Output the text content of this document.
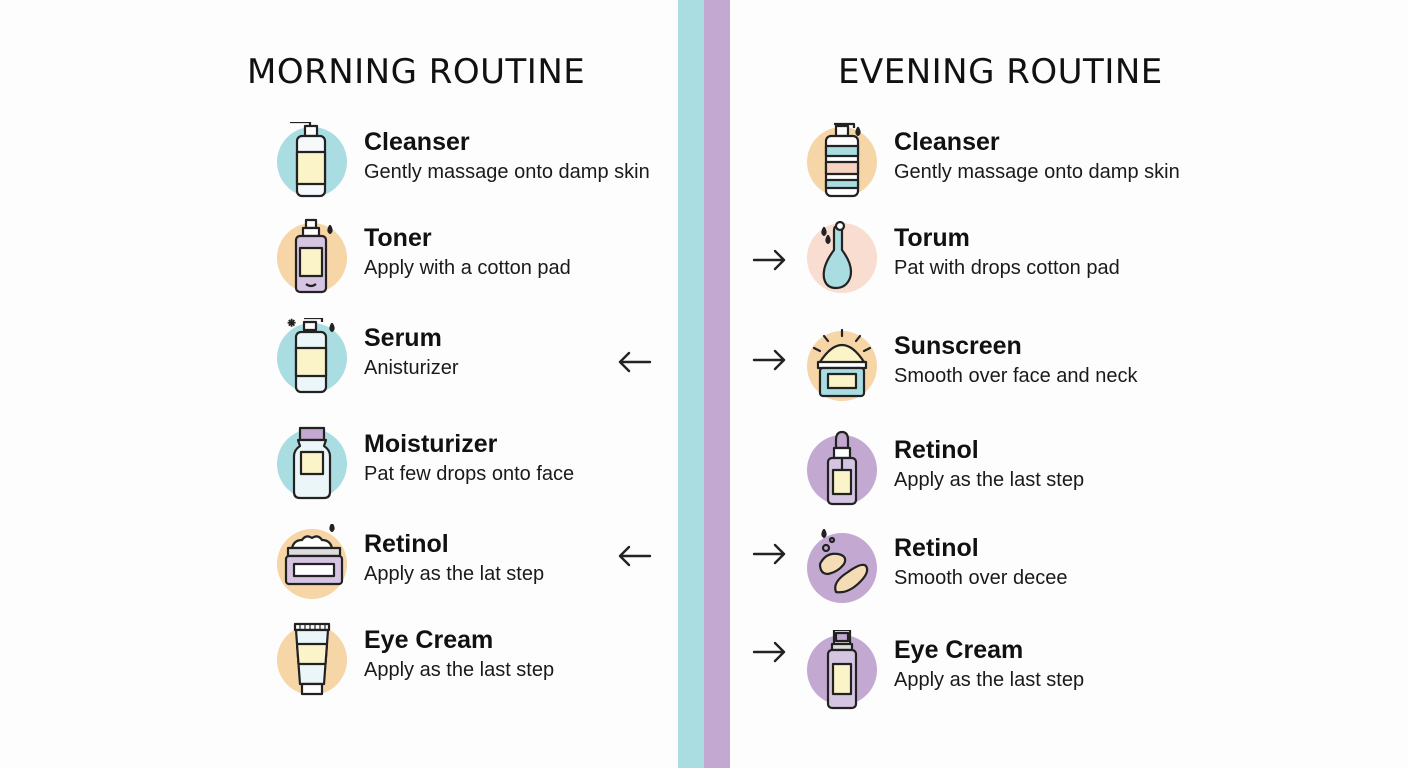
MORNING ROUTINE	EVENING ROUTINE
Cleanser
Gently massage onto damp skin
Toner
Apply with a cotton pad
Serum
Anisturizer
Moisturizer
Pat few drops onto face
Retinol
Apply as the lat step
Eye Cream
Apply as the last step
Cleanser
Gently massage onto damp skin
Torum
Pat with drops cotton pad
Sunscreen
Smooth over face and neck
Retinol
Apply as the last step
Retinol
Smooth over decee
Eye Cream
Apply as the last step
